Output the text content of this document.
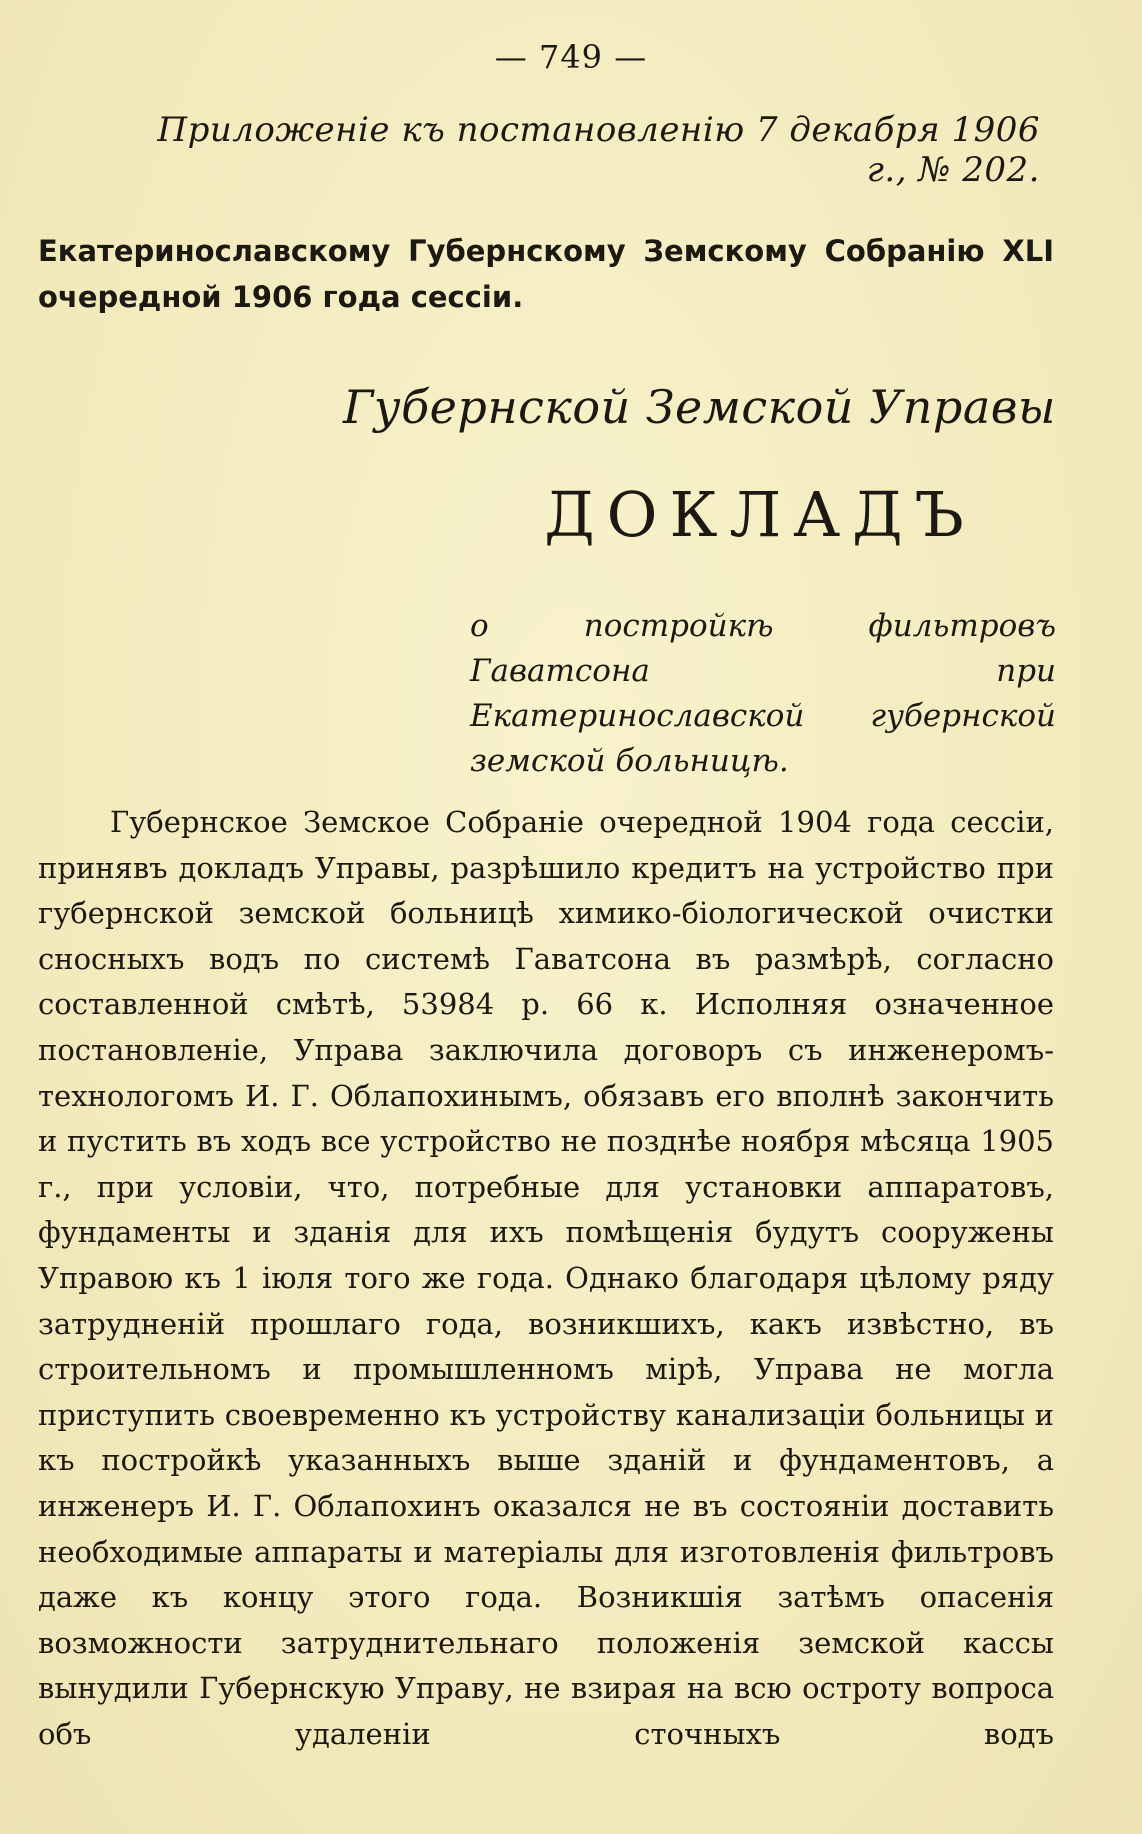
— 749 —
Приложеніе къ постановленію 7 декабря 1906 г., № 202.
Екатеринославскому Губернскому Земскому Собранію XLI очередной 1906 года сессіи.
Губернской Земской Управы
ДОКЛАДЪ
о постройкѣ фильтровъ Гаватсона при Екатеринославской губернской земской больницѣ.

Губернское Земское Собраніе очередной 1904 года сессіи, принявъ докладъ Управы, разрѣшило кредитъ на устройство при губернской земской больницѣ химико-біологической очистки сносныхъ водъ по системѣ Гаватсона въ размѣрѣ, согласно составленной смѣтѣ, 53984 р. 66 к. Исполняя означенное постановленіе, Управа заключила договоръ съ инженеромъ-технологомъ И. Г. Облапохинымъ, обязавъ его вполнѣ закончить и пустить въ ходъ все устройство не позднѣе ноября мѣсяца 1905 г., при условіи, что, потребные для установки аппаратовъ, фундаменты и зданія для ихъ помѣщенія будутъ сооружены Управою къ 1 іюля того же года. Однако благодаря цѣлому ряду затрудненій прошлаго года, возникшихъ, какъ извѣстно, въ строительномъ и промышленномъ мірѣ, Управа не могла приступить своевременно къ устройству канализаціи больницы и къ постройкѣ указанныхъ выше зданій и фундаментовъ, а инженеръ И. Г. Облапохинъ оказался не въ состояніи доставить необходимые аппараты и матеріалы для изготовленія фильтровъ даже къ концу этого года. Возникшія затѣмъ опасенія возможности затруднительнаго положенія земской кассы вынудили Губернскую Управу, не взирая на всю остроту вопроса объ удаленіи сточныхъ водъ
